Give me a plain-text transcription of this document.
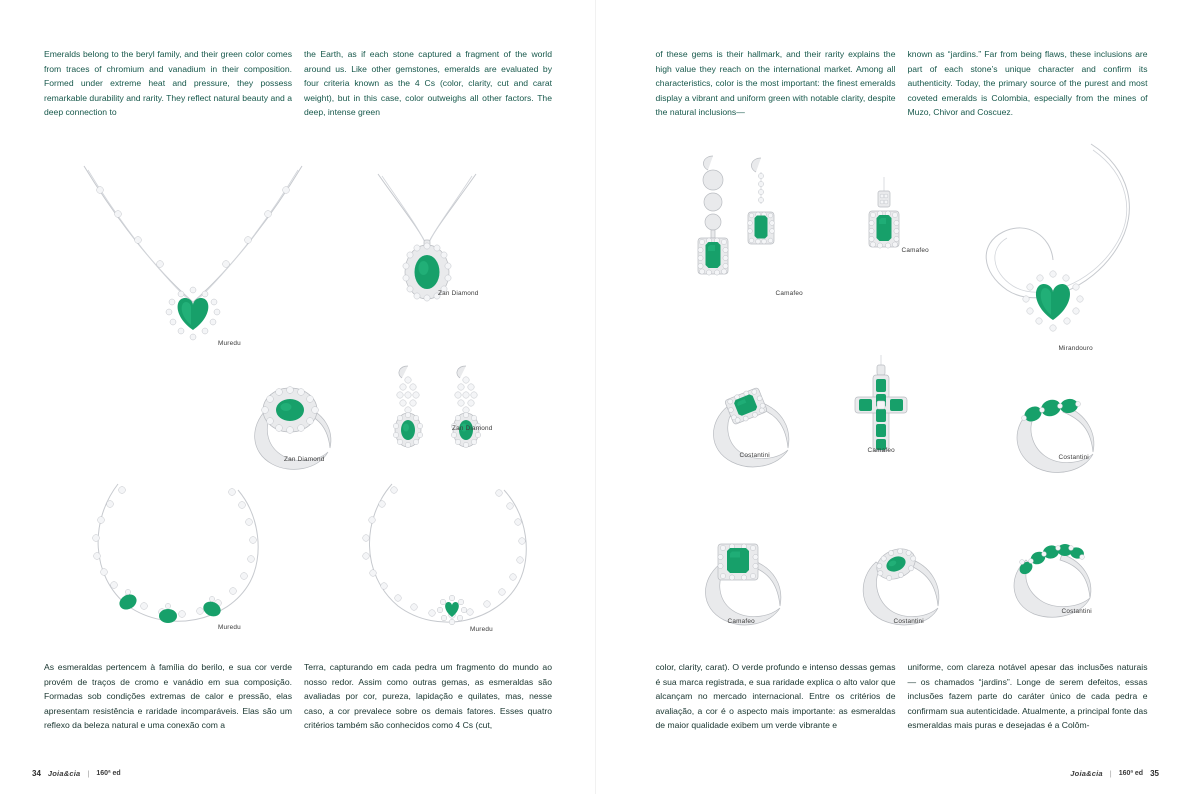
Emeralds belong to the beryl family, and their green color comes from traces of chromium and vanadium in their composition. Formed under extreme heat and pressure, they possess remarkable durability and rarity. They reflect natural beauty and a deep connection to
the Earth, as if each stone captured a fragment of the world around us. Like other gemstones, emeralds are evaluated by four criteria known as the 4 Cs (color, clarity, cut and carat weight), but in this case, color outweighs all other factors. The deep, intense green
Muredu
Zan Diamond
Zan Diamond
Zan Diamond
Muredu	Muredu
As esmeraldas pertencem à família do berilo, e sua cor verde provém de traços de cromo e vanádio em sua composição. Formadas sob condições extremas de calor e pressão, elas apresentam resistência e raridade incomparáveis. Elas são um reflexo da beleza natural e uma conexão com a
Terra, capturando em cada pedra um fragmento do mundo ao nosso redor. Assim como outras gemas, as esmeraldas são avaliadas por cor, pureza, lapidação e quilates, mas, nesse caso, a cor prevalece sobre os demais fatores. Esses quatro critérios também são conhecidos como 4 Cs (cut,
34 Joia&cia | 160ª ed
of these gems is their hallmark, and their rarity explains the high value they reach on the international market. Among all characteristics, color is the most important: the finest emeralds display a vibrant and uniform green with notable clarity, despite the natural inclusions—
known as “jardins.” Far from being flaws, these inclusions are part of each stone’s unique character and confirm its authenticity. Today, the primary source of the purest and most coveted emeralds is Colombia, especially from the mines of Muzo, Chivor and Coscuez.
Camafeo
Camafeo
Mirandouro
Costantini
Camafeo
Costantini
Camafeo	Costantini
Costantini
color, clarity, carat). O verde profundo e intenso dessas gemas é sua marca registrada, e sua raridade explica o alto valor que alcançam no mercado internacional. Entre os critérios de avaliação, a cor é o aspecto mais importante: as esmeraldas de maior qualidade exibem um verde vibrante e
uniforme, com clareza notável apesar das inclusões naturais — os chamados “jardins”. Longe de serem defeitos, essas inclusões fazem parte do caráter único de cada pedra e confirmam sua autenticidade. Atualmente, a principal fonte das esmeraldas mais puras e desejadas é a Colôm-
Joia&cia | 160ª ed 35
